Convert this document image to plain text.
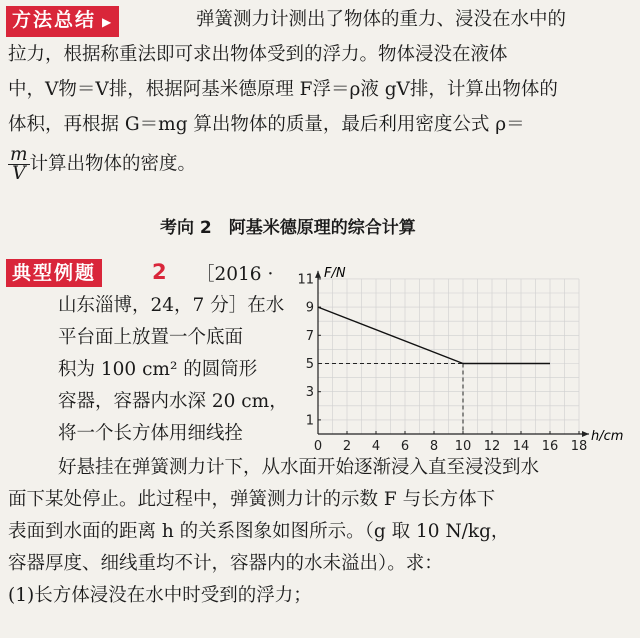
方法总结 ▶	弹簧测力计测出了物体的重力、浸没在水中的
拉力，根据称重法即可求出物体受到的浮力。物体浸没在液体
中，V物＝V排，根据阿基米德原理 F浮＝ρ液 gV排，计算出物体的
体积，再根据 G＝mg 算出物体的质量，最后利用密度公式 ρ＝
$\frac{m}{V}$ 计算出物体的密度。
考向 2　阿基米德原理的综合计算
典型例题	2 ［2016 ·
山东淄博，24，7 分］在水
平台面上放置一个底面
积为 100 cm² 的圆筒形
容器，容器内水深 20 cm，
将一个长方体用细线拴
好悬挂在弹簧测力计下，从水面开始逐渐浸入直至浸没到水
面下某处停止。此过程中，弹簧测力计的示数 F 与长方体下
表面到水面的距离 h 的关系图象如图所示。（g 取 10 N/kg，
容器厚度、细线重均不计，容器内的水未溢出）。求：
(1)长方体浸没在水中时受到的浮力；
0 2 4 6 8 10 12 14 16 18
1
3
5
7
9
11 F/N
h/cm
